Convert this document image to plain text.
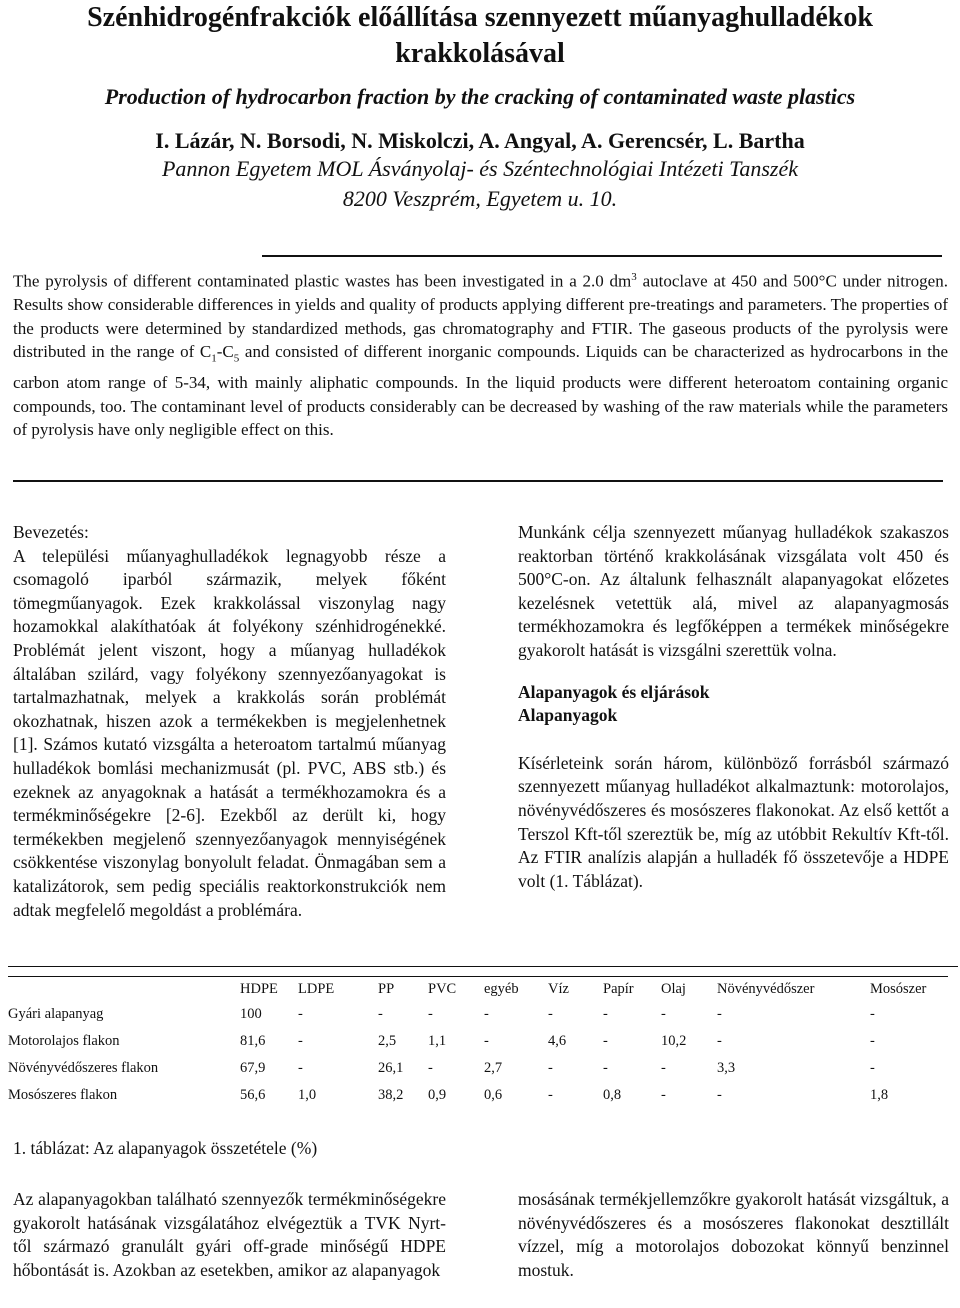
Szénhidrogénfrakciók előállítása szennyezett műanyaghulladékok krakkolásával
Production of hydrocarbon fraction by the cracking of contaminated waste plastics
I. Lázár, N. Borsodi, N. Miskolczi, A. Angyal, A. Gerencsér, L. Bartha
Pannon Egyetem MOL Ásványolaj- és Széntechnológiai Intézeti Tanszék
8200 Veszprém, Egyetem u. 10.
The pyrolysis of different contaminated plastic wastes has been investigated in a 2.0 $dm^3$ autoclave at 450 and 500°C under nitrogen. Results show considerable differences in yields and quality of products applying different pre-treatings and parameters. The properties of the products were determined by standardized methods, gas chromatography and FTIR. The gaseous products of the pyrolysis were distributed in the range of $C_1-C_5$ and consisted of different inorganic compounds. Liquids can be characterized as hydrocarbons in the carbon atom range of 5-34, with mainly aliphatic compounds. In the liquid products were different heteroatom containing organic compounds, too. The contaminant level of products considerably can be decreased by washing of the raw materials while the parameters of pyrolysis have only negligible effect on this.

Bevezetés:

A települési műanyaghulladékok legnagyobb része a csomagoló iparból származik, melyek főként tömegműanyagok. Ezek krakkolással viszonylag nagy hozamokkal alakíthatóak át folyékony szénhidrogénekké. Problémát jelent viszont, hogy a műanyag hulladékok általában szilárd, vagy folyékony szennyezőanyagokat is tartalmazhatnak, melyek a krakkolás során problémát okozhatnak, hiszen azok a termékekben is megjelenhetnek [1]. Számos kutató vizsgálta a heteroatom tartalmú műanyag hulladékok bomlási mechanizmusát (pl. PVC, ABS stb.) és ezeknek az anyagoknak a hatását a termékhozamokra és a termékminőségekre [2-6]. Ezekből az derült ki, hogy termékekben megjelenő szennyezőanyagok mennyiségének csökkentése viszonylag bonyolult feladat. Önmagában sem a katalizátorok, sem pedig speciális reaktorkonstrukciók nem adtak megfelelő megoldást a problémára.

Munkánk célja szennyezett műanyag hulladékok szakaszos reaktorban történő krakkolásának vizsgálata volt 450 és 500°C-on. Az általunk felhasznált alapanyagokat előzetes kezelésnek vetettük alá, mivel az alapanyagmosás termékhozamokra és legfőképpen a termékek minőségekre gyakorolt hatását is vizsgálni szerettük volna.

Alapanyagok és eljárások

Alapanyagok

Kísérleteink során három, különböző forrásból származó szennyezett műanyag hulladékot alkalmaztunk: motorolajos, növényvédőszeres és mosószeres flakonokat. Az első kettőt a Terszol Kft-től szereztük be, míg az utóbbit Rekultív Kft-től. Az FTIR analízis alapján a hulladék fő összetevője a HDPE volt (1. Táblázat).

	HDPE	LDPE	PP	PVC	egyéb	Víz	Papír	Olaj	Növényvédőszer	Mosószer
Gyári alapanyag	100	-	-	-	-	-	-	-	-	-
Motorolajos flakon	81,6	-	2,5	1,1	-	4,6	-	10,2	-	-
Növényvédőszeres flakon	67,9	-	26,1	-	2,7	-	-	-	3,3	-
Mosószeres flakon	56,6	1,0	38,2	0,9	0,6	-	0,8	-	-	1,8
1. táblázat: Az alapanyagok összetétele (%)
Az alapanyagokban található szennyezők termékminőségekre gyakorolt hatásának vizsgálatához elvégeztük a TVK Nyrt-től származó granulált gyári off-grade minőségű HDPE hőbontását is. Azokban az esetekben, amikor az alapanyagok
mosásának termékjellemzőkre gyakorolt hatását vizsgáltuk, a növényvédőszeres és a mosószeres flakonokat desztillált vízzel, míg a motorolajos dobozokat könnyű benzinnel mostuk.
